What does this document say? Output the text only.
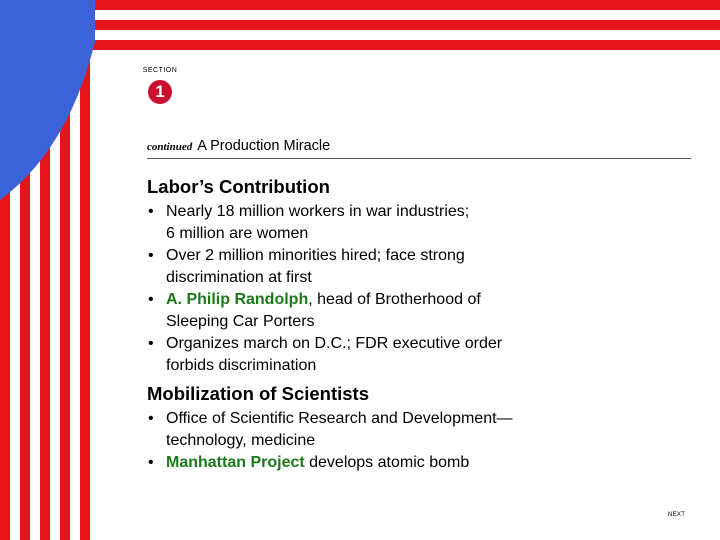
SECTION
1
continued A Production Miracle
Labor’s Contribution
• Nearly 18 million workers in war industries;
6 million are women
• Over 2 million minorities hired; face strong
discrimination at first
• A. Philip Randolph, head of Brotherhood of
Sleeping Car Porters
• Organizes march on D.C.; FDR executive order
forbids discrimination
Mobilization of Scientists
• Office of Scientific Research and Development—
technology, medicine
• Manhattan Project develops atomic bomb
NEXT
